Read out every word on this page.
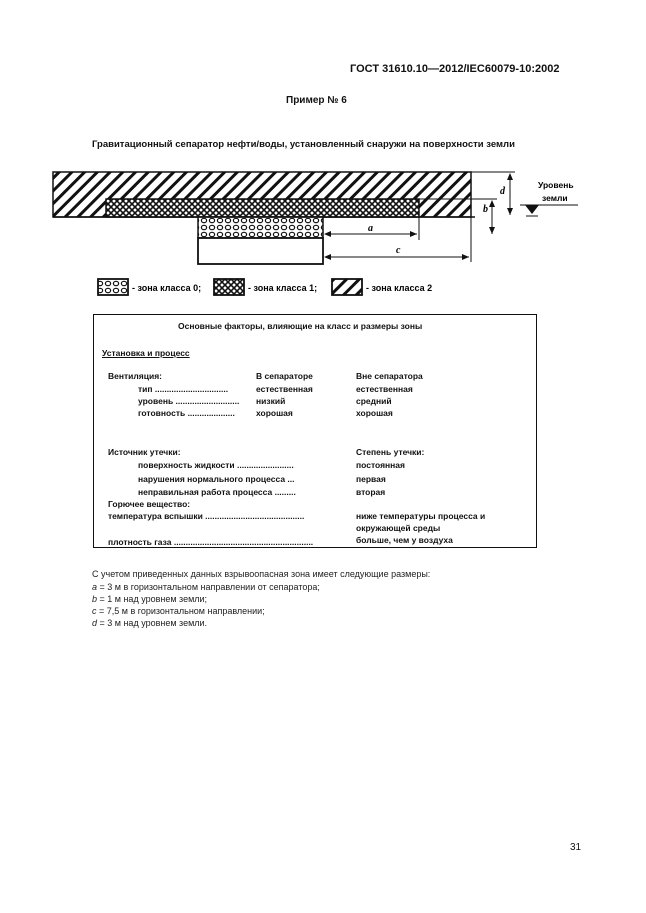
ГОСТ 31610.10—2012/IEC60079-10:2002
Пример № 6
Гравитационный сепаратор нефти/воды, установленный снаружи на поверхности земли
a
c
b
d
Уровень
земли
- зона класса 0;	- зона класса 1;	- зона класса 2
Основные факторы, влияющие на класс и размеры зоны
Установка и процесс
Вентиляция:	В сепараторе	Вне сепаратора
тип ...............................	естественная	естественная
уровень ........................... низкий	средний
готовность .................... хорошая	хорошая
Источник утечки:	Степень утечки:
поверхность жидкости ........................	постоянная
нарушения нормального процесса ...	первая
неправильная работа процесса .........	вторая
Горючее вещество:
температура вспышки ..........................................	ниже температуры процесса и
окружающей среды
плотность газа ...........................................................	больше, чем у воздуха
С учетом приведенных данных взрывоопасная зона имеет следующие размеры:
a = 3 м в горизонтальном направлении от сепаратора;
b = 1 м над уровнем земли;
c = 7,5 м в горизонтальном направлении;
d = 3 м над уровнем земли.
31
